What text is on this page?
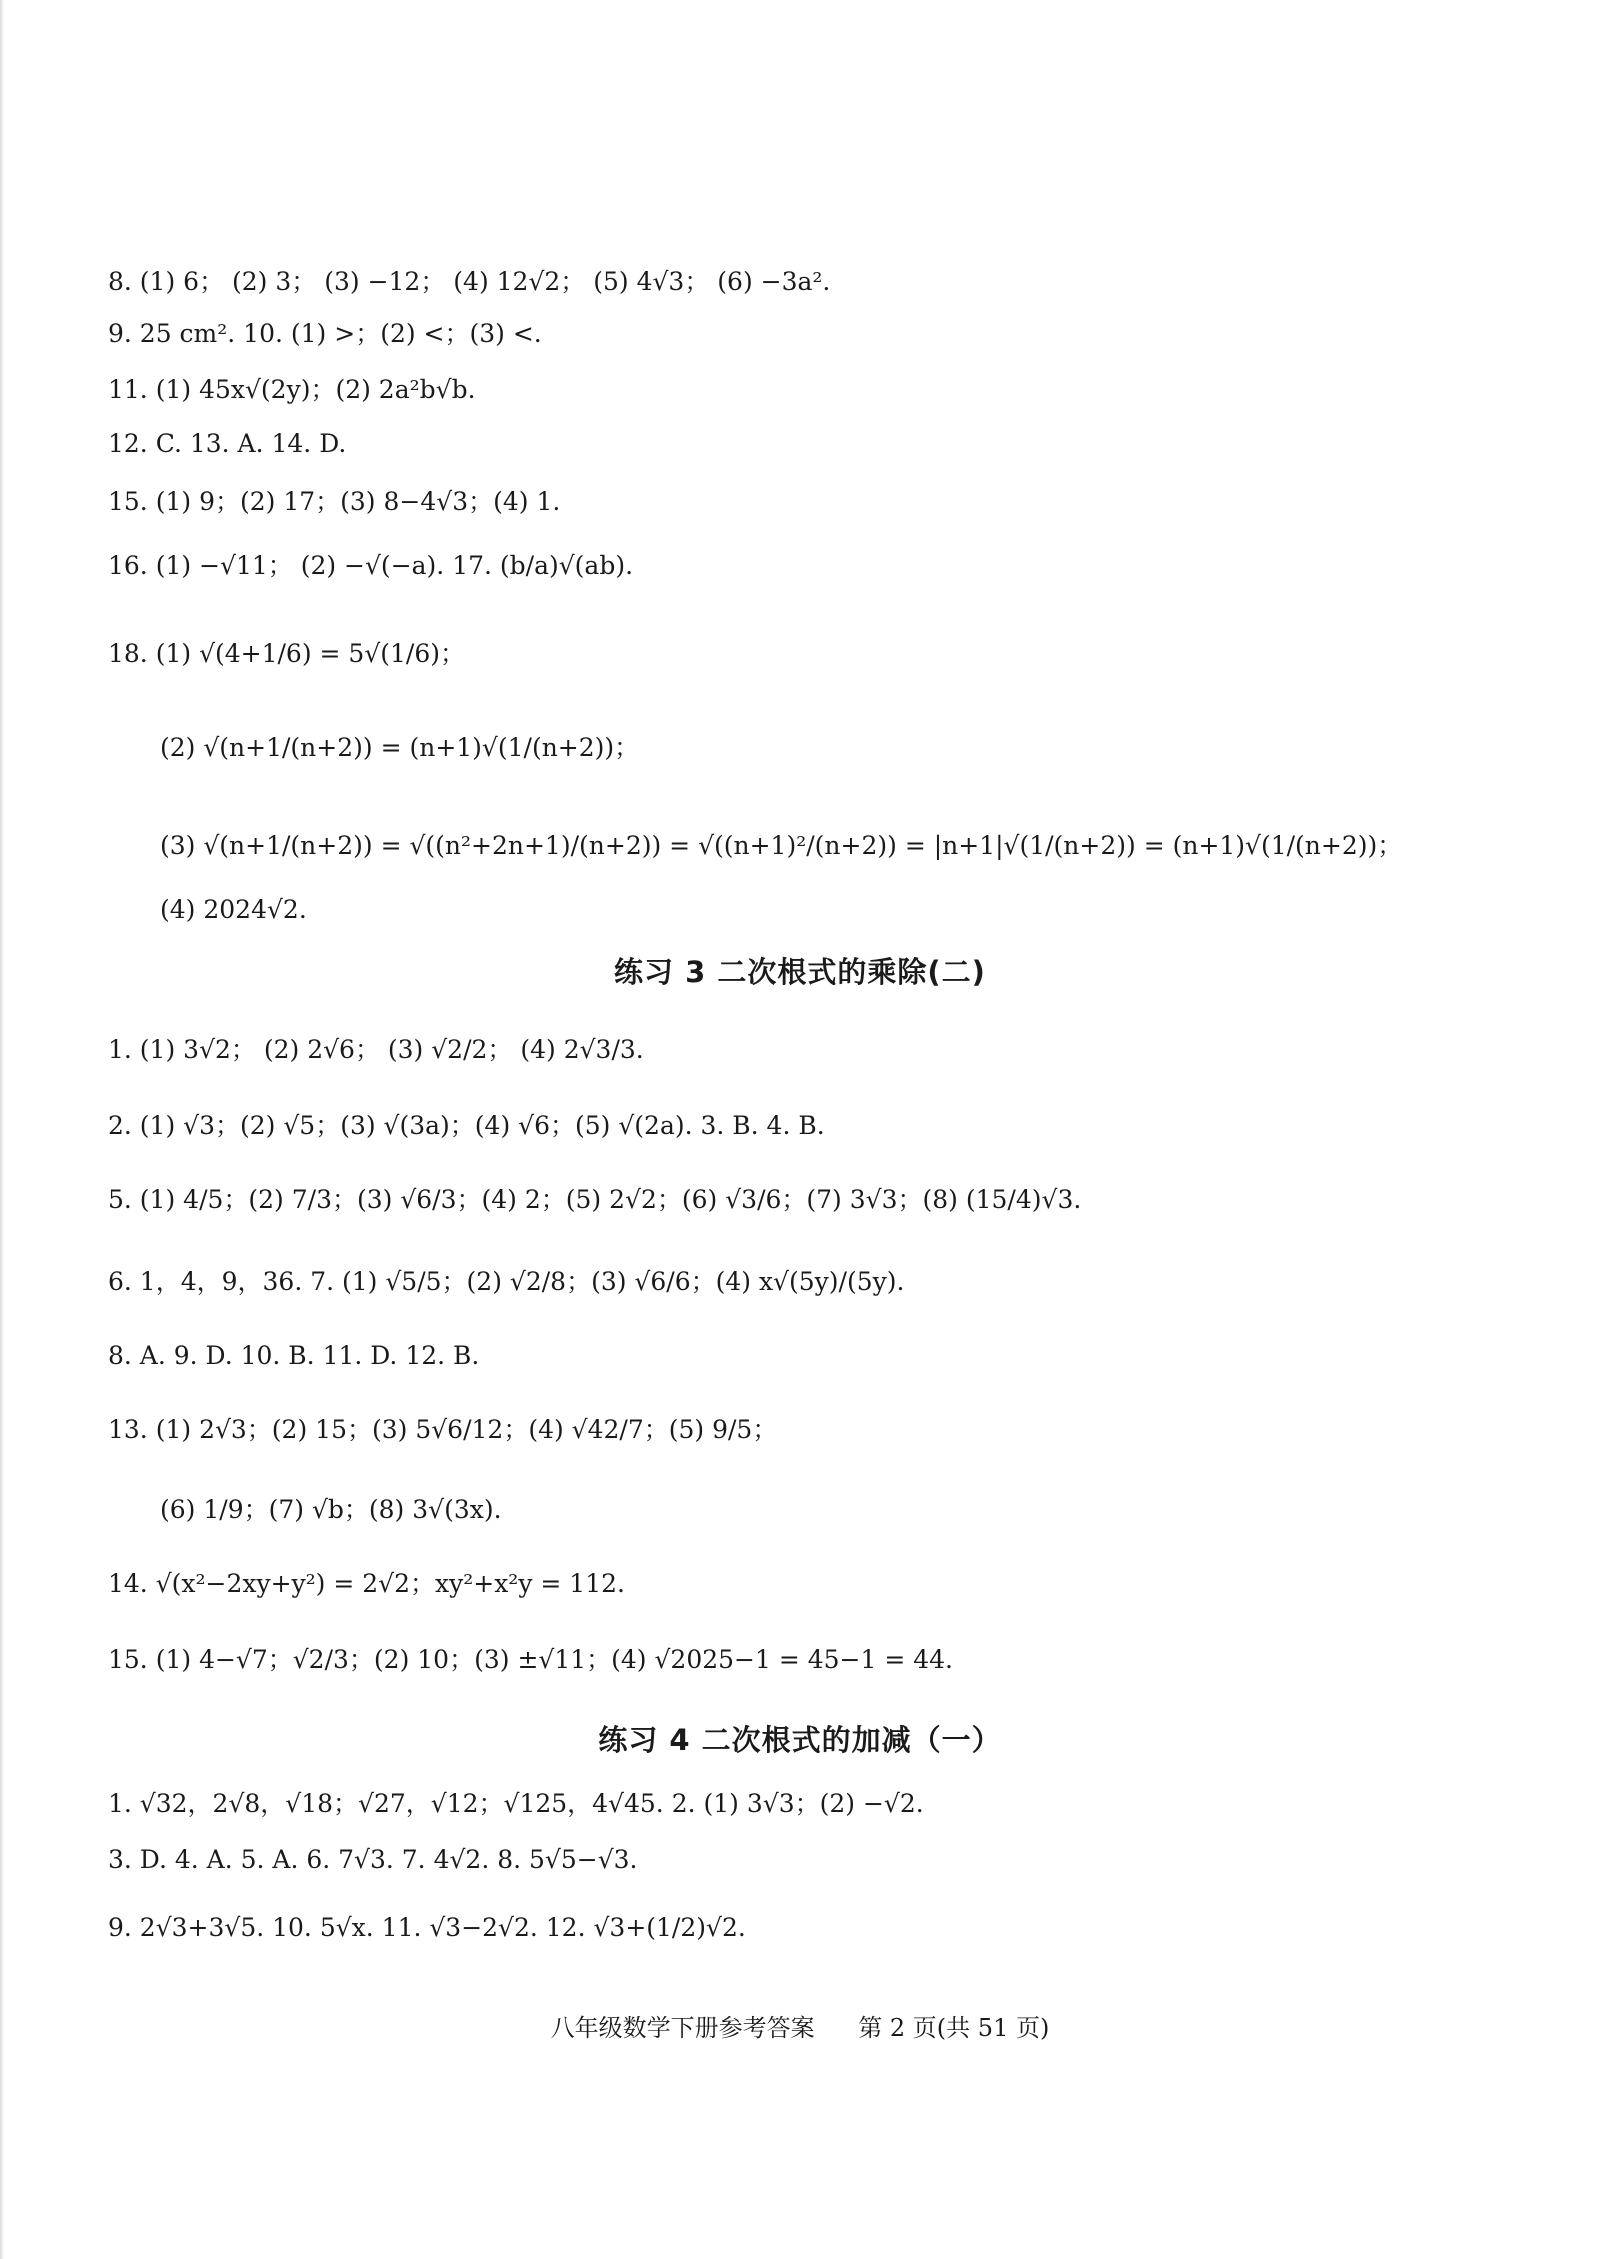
8. (1) 6； (2) 3； (3) −12； (4) 12√2； (5) 4√3； (6) −3a².
9. 25 cm². 10. (1) >；(2) <；(3) <.
11. (1) 45x√(2y)；(2) 2a²b√b.
12. C. 13. A. 14. D.
15. (1) 9；(2) 17；(3) 8−4√3；(4) 1.
16. (1) −√11； (2) −√(−a). 17. (b/a)√(ab).
18. (1) √(4+1/6) = 5√(1/6)；
(2) √(n+1/(n+2)) = (n+1)√(1/(n+2))；
(3) √(n+1/(n+2)) = √((n²+2n+1)/(n+2)) = √((n+1)²/(n+2)) = |n+1|√(1/(n+2)) = (n+1)√(1/(n+2))；
(4) 2024√2.
练习 3 二次根式的乘除(二)
1. (1) 3√2； (2) 2√6； (3) √2/2； (4) 2√3/3.
2. (1) √3；(2) √5；(3) √(3a)；(4) √6；(5) √(2a). 3. B. 4. B.
5. (1) 4/5；(2) 7/3；(3) √6/3；(4) 2；(5) 2√2；(6) √3/6；(7) 3√3；(8) (15/4)√3.
6. 1，4，9，36. 7. (1) √5/5；(2) √2/8；(3) √6/6；(4) x√(5y)/(5y).
8. A. 9. D. 10. B. 11. D. 12. B.
13. (1) 2√3；(2) 15；(3) 5√6/12；(4) √42/7；(5) 9/5；
(6) 1/9；(7) √b；(8) 3√(3x).
14. √(x²−2xy+y²) = 2√2；xy²+x²y = 112.
15. (1) 4−√7；√2/3；(2) 10；(3) ±√11；(4) √2025−1 = 45−1 = 44.
练习 4 二次根式的加减（一）
1. √32，2√8，√18；√27，√12；√125，4√45. 2. (1) 3√3；(2) −√2.
3. D. 4. A. 5. A. 6. 7√3. 7. 4√2. 8. 5√5−√3.
9. 2√3+3√5. 10. 5√x. 11. √3−2√2. 12. √3+(1/2)√2.
八年级数学下册参考答案 第 2 页(共 51 页)
